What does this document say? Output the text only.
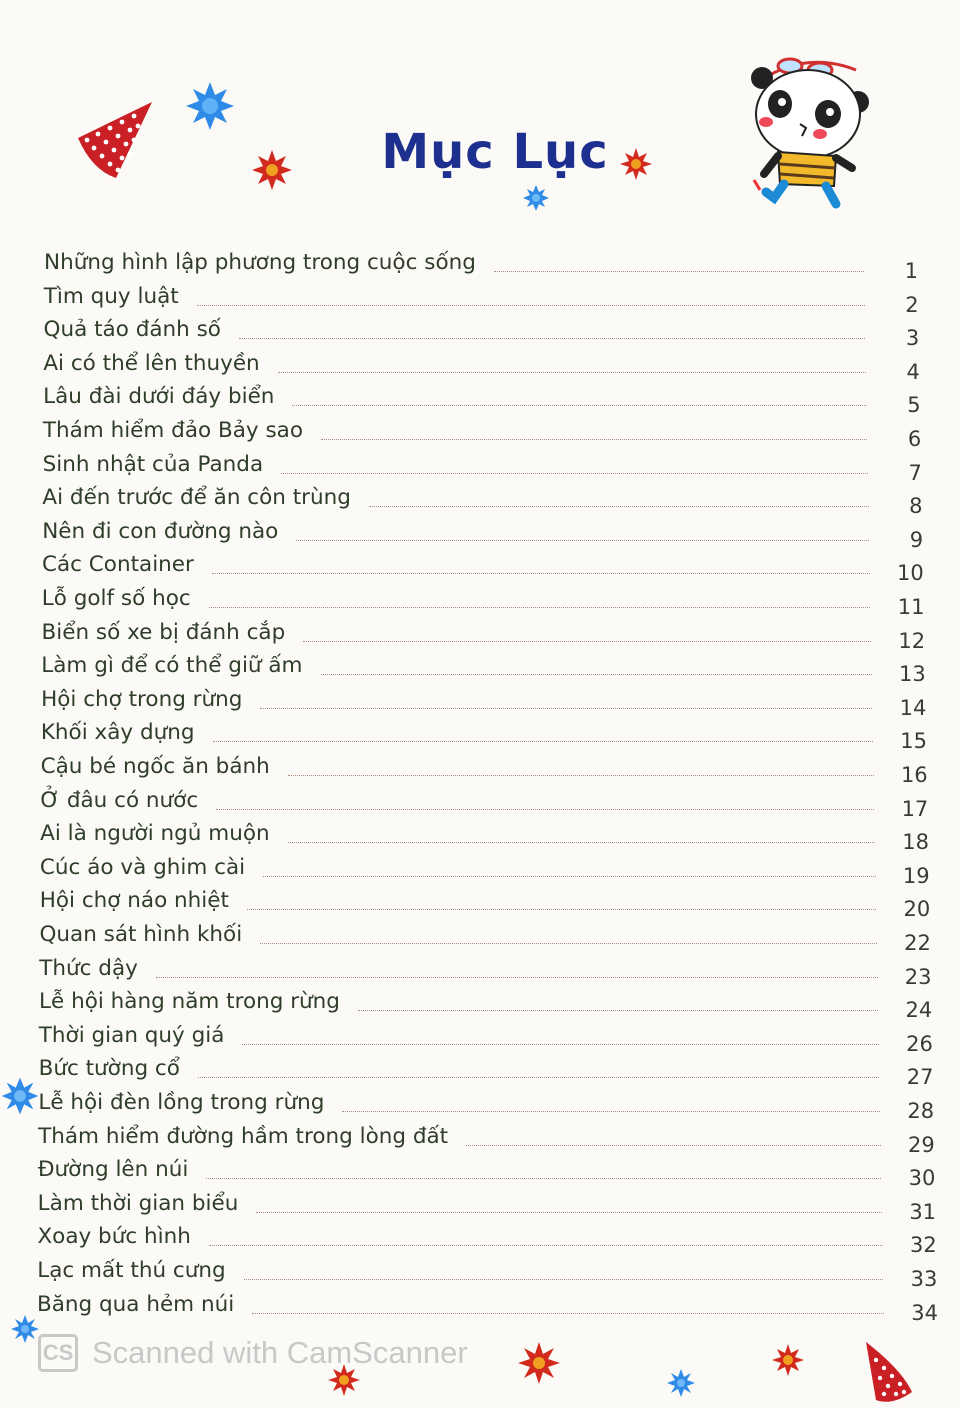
Mục Lục
Những hình lập phương trong cuộc sống	1
Tìm quy luật	2
Quả táo đánh số	3
Ai có thể lên thuyền	4
Lâu đài dưới đáy biển	5
Thám hiểm đảo Bảy sao	6
Sinh nhật của Panda	7
Ai đến trước để ăn côn trùng	8
Nên đi con đường nào	9
Các Container	10
Lỗ golf số học	11
Biển số xe bị đánh cắp	12
Làm gì để có thể giữ ấm	13
Hội chợ trong rừng	14
Khối xây dựng	15
Cậu bé ngốc ăn bánh	16
Ở đâu có nước	17
Ai là người ngủ muộn	18
Cúc áo và ghim cài	19
Hội chợ náo nhiệt	20
Quan sát hình khối	22
Thức dậy	23
Lễ hội hàng năm trong rừng	24
Thời gian quý giá	26
Bức tường cổ	27
Lễ hội đèn lồng trong rừng	28
Thám hiểm đường hầm trong lòng đất	29
Đường lên núi	30
Làm thời gian biểu	31
Xoay bức hình	32
Lạc mất thú cưng	33
Băng qua hẻm núi	34
CS Scanned with CamScanner
